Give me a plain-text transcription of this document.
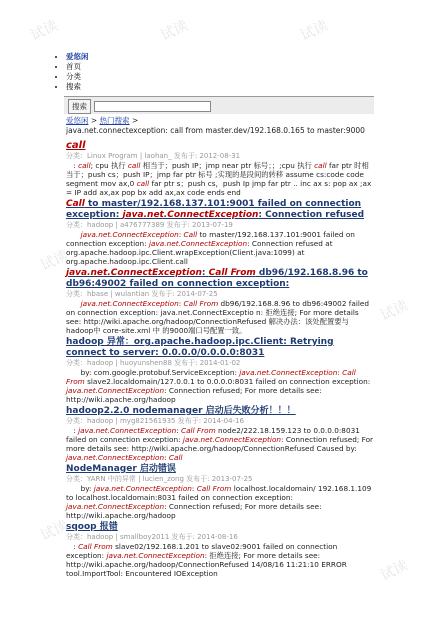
试读	试读	试读
试读
试读
试读
试读
• 爱悠闲
• 首页
• 分类
• 搜索
搜索
爱悠闲 > 热门搜索 >
java.net.connectexception: call from master.dev/192.168.0.165 to master:9000
call
分类：Linux Program | laohan_ 发布于: 2012-08-31
　: call; cpu 执行 call 相当于；push IP；jmp near ptr 标号；；;cpu 执行 call far ptr 时相当于；push cs；push IP；jmp far ptr 标号 ;实现的是段间的转移 assume cs:code code segment mov ax,0 call far ptr s；push cs，push Ip jmp far ptr .. inc ax s: pop ax ;ax = IP add ax,ax pop bx add ax,ax code ends end
Call to master/192.168.137.101:9001 failed on connection exception: java.net.ConnectException: Connection refused
分类：hadoop | a476777389 发布于: 2013-07-19
　　java.net.ConnectException: Call to master/192.168.137.101:9001 failed on connection exception: java.net.ConnectException: Connection refused at org.apache.hadoop.ipc.Client.wrapException(Client.java:1099) at org.apache.hadoop.ipc.Client.call
java.net.ConnectException: Call From db96/192.168.8.96 to db96:49002 failed on connection exception:
分类：hbase | wulantian 发布于: 2014-07-25
　　java.net.ConnectException: Call From db96/192.168.8.96 to db96:49002 failed on connection exception: java.net.ConnectExceptio n: 拒绝连接; For more details see: http://wiki.apache.org/hadoop/ConnectionRefused 解决办法：该处配置要与hadoop中 core-site.xml 中 的9000端口号配置一致。
hadoop 异常：org.apache.hadoop.ipc.Client: Retrying connect to server: 0.0.0.0/0.0.0.0:8031
分类：hadoop | huoyunshen88 发布于: 2014-01-02
　　by: com.google.protobuf.ServiceException: java.net.ConnectException: Call From slave2.localdomain/127.0.0.1 to 0.0.0.0:8031 failed on connection exception: java.net.ConnectException: Connection refused; For more details see: http://wiki.apache.org/hadoop
hadoop2.2.0 nodemanager 启动后失败分析！！！
分类：hadoop | myg821561935 发布于: 2014-04-16
　: java.net.ConnectException: Call From node2/222.18.159.123 to 0.0.0.0:8031 failed on connection exception: java.net.ConnectException: Connection refused; For more details see: http://wiki.apache.org/hadoop/ConnectionRefused Caused by: java.net.ConnectException: Call
NodeManager 启动错误
分类：YARN 中的异常 | lucien_zong 发布于: 2013-07-25
　　by: java.net.ConnectException: Call From localhost.localdomain/ 192.168.1.109 to localhost.localdomain:8031 failed on connection exception: java.net.ConnectException: Connection refused; For more details see: http://wiki.apache.org/hadoop
sqoop 报错
分类：hadoop | smallboy2011 发布于: 2014-08-16
　: Call From slave02/192.168.1.201 to slave02:9001 failed on connection exception: java.net.ConnectException: 拒绝连接; For more details see: http://wiki.apache.org/hadoop/ConnectionRefused 14/08/16 11:21:10 ERROR tool.ImportTool: Encountered IOException
